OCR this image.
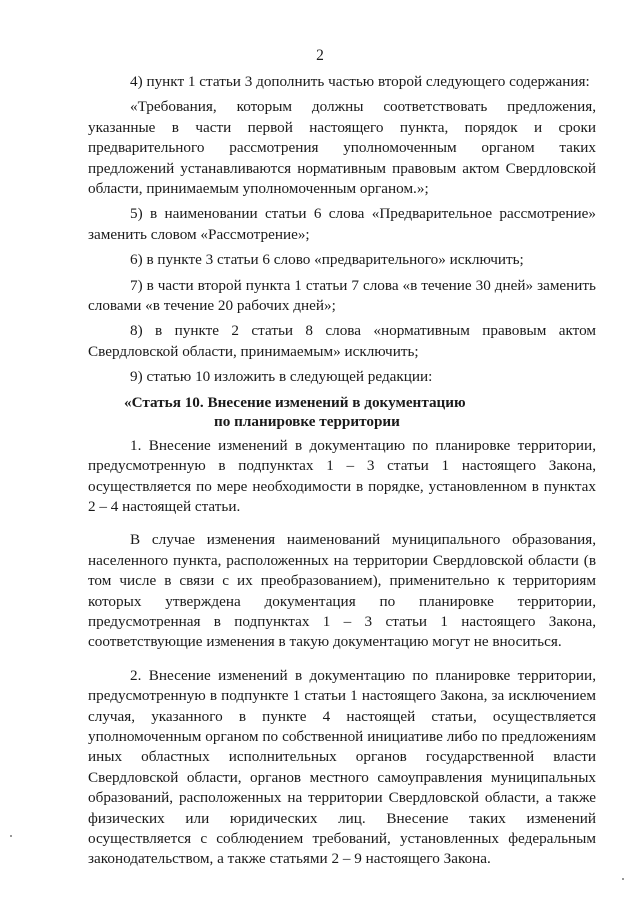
2

4) пункт 1 статьи 3 дополнить частью второй следующего содержания:

«Требования, которым должны соответствовать предложения, указанные в части первой настоящего пункта, порядок и сроки предварительного рассмотрения уполномоченным органом таких предложений устанавливаются нормативным правовым актом Свердловской области, принимаемым уполномоченным органом.»;

5) в наименовании статьи 6 слова «Предварительное рассмотрение» заменить словом «Рассмотрение»;

6) в пункте 3 статьи 6 слово «предварительного» исключить;

7) в части второй пункта 1 статьи 7 слова «в течение 30 дней» заменить словами «в течение 20 рабочих дней»;

8) в пункте 2 статьи 8 слова «нормативным правовым актом Свердловской области, принимаемым» исключить;

9) статью 10 изложить в следующей редакции:

«Статья 10. Внесение изменений в документацию
по планировке территории

1. Внесение изменений в документацию по планировке территории, предусмотренную в подпунктах 1 – 3 статьи 1 настоящего Закона, осуществляется по мере необходимости в порядке, установленном в пунктах 2 – 4 настоящей статьи.

В случае изменения наименований муниципального образования, населенного пункта, расположенных на территории Свердловской области (в том числе в связи с их преобразованием), применительно к территориям которых утверждена документация по планировке территории, предусмотренная в подпунктах 1 – 3 статьи 1 настоящего Закона, соответствующие изменения в такую документацию могут не вноситься.

2. Внесение изменений в документацию по планировке территории, предусмотренную в подпункте 1 статьи 1 настоящего Закона, за исключением случая, указанного в пункте 4 настоящей статьи, осуществляется уполномоченным органом по собственной инициативе либо по предложениям иных областных исполнительных органов государственной власти Свердловской области, органов местного самоуправления муниципальных образований, расположенных на территории Свердловской области, а также физических или юридических лиц. Внесение таких изменений осуществляется с соблюдением требований, установленных федеральным законодательством, а также статьями 2 – 9 настоящего Закона.
